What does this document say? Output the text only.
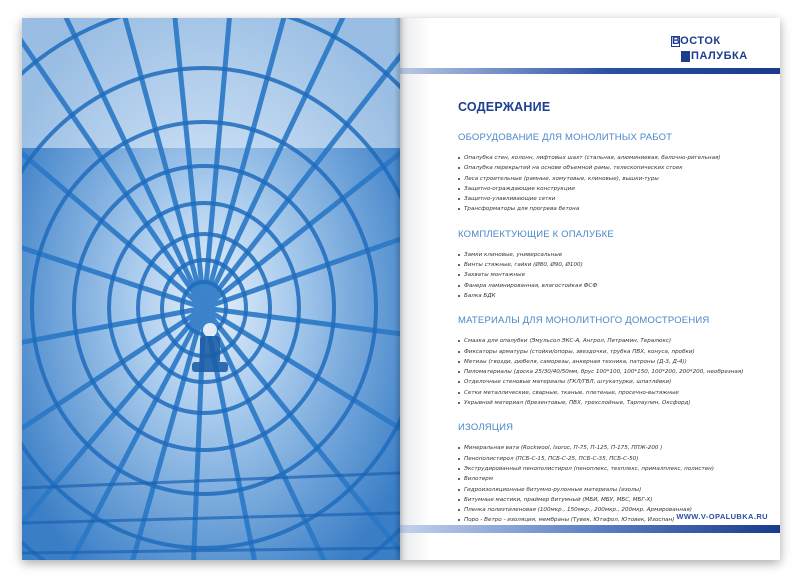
ВОСТОК
ОПАЛУБКА
СОДЕРЖАНИЕ
ОБОРУДОВАНИЕ ДЛЯ МОНОЛИТНЫХ РАБОТ
Опалубка стен, колонн, лифтовых шахт (стальная, алюминиевая, балочно-ригельная)
Опалубка перекрытий на основе объемной рамы, телескопических стоек
Леса строительные (рамные, хомутовые, клиновые), вышки-туры
Защитно-ограждающие конструкции
Защитно-улавливающие сетки
Трансформаторы для прогрева бетона
КОМПЛЕКТУЮЩИЕ К ОПАЛУБКЕ
Замки клиновые, универсальные
Винты стяжные, гайки (Ø80, Ø90, Ø100)
Захваты монтажные
Фанера ламинированная, влагостойкая ФСФ
Балка БДК
МАТЕРИАЛЫ ДЛЯ МОНОЛИТНОГО ДОМОСТРОЕНИЯ
Смазка для опалубки (Эмульсол ЭКС-А, Ангрол, Петрамин, Тералюкс)
Фиксаторы арматуры (стойки/опоры, звездочки, трубка ПВХ, конуса, пробки)
Метизы (гвозди, дюбеля, саморезы, анкерная техника, патроны (Д-3, Д-4))
Пиломатериалы (доска 25/30/40/50мм, брус 100*100, 100*150, 100*200, 200*200, необрезная)
Отделочные стеновые материалы (ГКЛ/ГВЛ, штукатурки, шпатлёвки)
Сетки металлические, сварные, тканые, плетеные, просечно-вытяжные
Укрывной материал (брезентовые, ПВХ, трехслойные, Тарпаулин, Оксфорд)
ИЗОЛЯЦИЯ
Минеральная вата (Rockwool, Isoroc, П-75, П-125, П-175, ППЖ-200 )
Пенополистирол (ПСБ-С-15, ПСБ-С-25, ПСБ-С-35, ПСБ-С-50)
Экструдированный пенополистирол (пеноплекс, техплекс, прималплекс, полистен)
Вилотерм
Гидроизоляционные битумно-рулонные материалы (изолы)
Битумные мастики, праймер битумный (МБИ, МБУ, МБС, МБГ-Х)
Пленка полиэтиленовая (100мкр., 150мкр., 200мкр., 200мкр. Армированная)
Поро - Ветро - изоляция, мембраны (Тувек, Ютафол, Ютовек, Изоспан) WWW.V-OPALUBKA.RU
